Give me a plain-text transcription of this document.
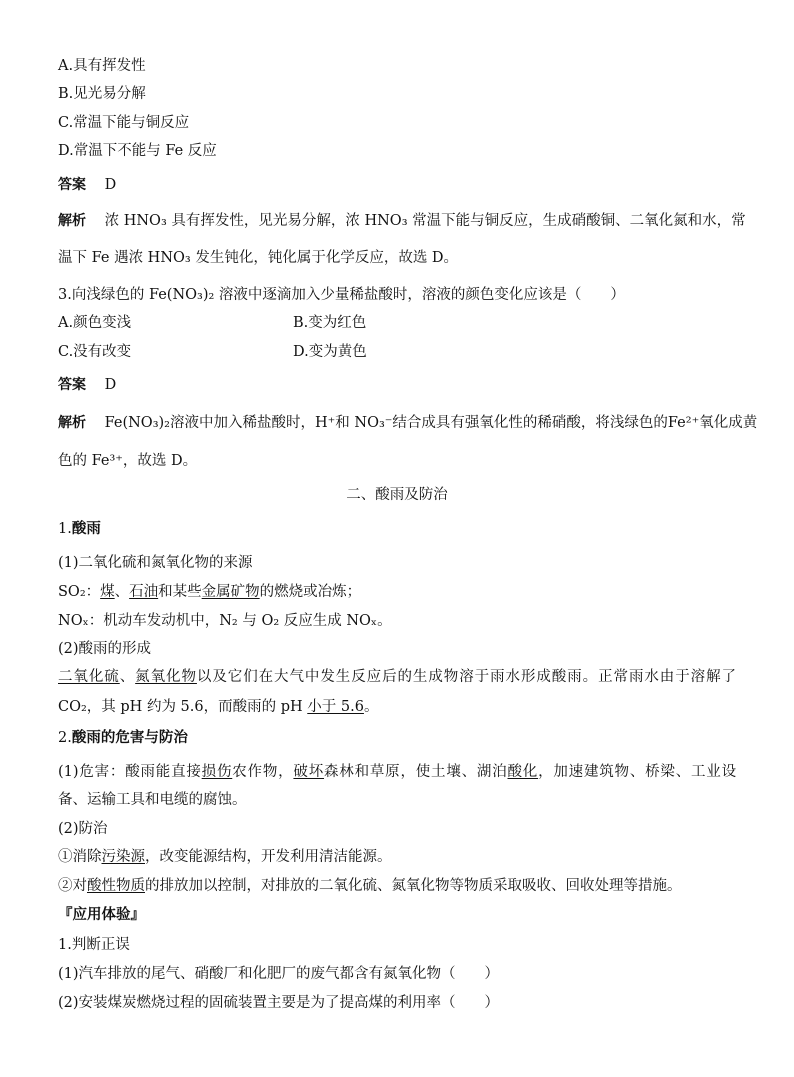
A.具有挥发性
B.见光易分解
C.常温下能与铜反应
D.常温下不能与 Fe 反应
答案 D
解析 浓 HNO₃ 具有挥发性，见光易分解，浓 HNO₃ 常温下能与铜反应，生成硝酸铜、二氧化氮和水，常
温下 Fe 遇浓 HNO₃ 发生钝化，钝化属于化学反应，故选 D。
3.向浅绿色的 Fe(NO₃)₂ 溶液中逐滴加入少量稀盐酸时，溶液的颜色变化应该是（　　）
A.颜色变浅	B.变为红色
C.没有改变	D.变为黄色
答案 D
解析 Fe(NO₃)₂溶液中加入稀盐酸时，H⁺和 NO₃⁻结合成具有强氧化性的稀硝酸，将浅绿色的Fe²⁺氧化成黄
色的 Fe³⁺，故选 D。
二、酸雨及防治
1.酸雨
(1)二氧化硫和氮氧化物的来源
SO₂：煤、石油和某些金属矿物的燃烧或冶炼；
NOₓ：机动车发动机中，N₂ 与 O₂ 反应生成 NOₓ。
(2)酸雨的形成
二氧化硫、氮氧化物以及它们在大气中发生反应后的生成物溶于雨水形成酸雨。正常雨水由于溶解了
CO₂，其 pH 约为 5.6，而酸雨的 pH 小于 5.6。
2.酸雨的危害与防治
(1)危害：酸雨能直接损伤农作物，破坏森林和草原，使土壤、湖泊酸化，加速建筑物、桥梁、工业设
备、运输工具和电缆的腐蚀。
(2)防治
①消除污染源，改变能源结构，开发利用清洁能源。
②对酸性物质的排放加以控制，对排放的二氧化硫、氮氧化物等物质采取吸收、回收处理等措施。
『应用体验』
1.判断正误
(1)汽车排放的尾气、硝酸厂和化肥厂的废气都含有氮氧化物（　　）
(2)安装煤炭燃烧过程的固硫装置主要是为了提高煤的利用率（　　）
